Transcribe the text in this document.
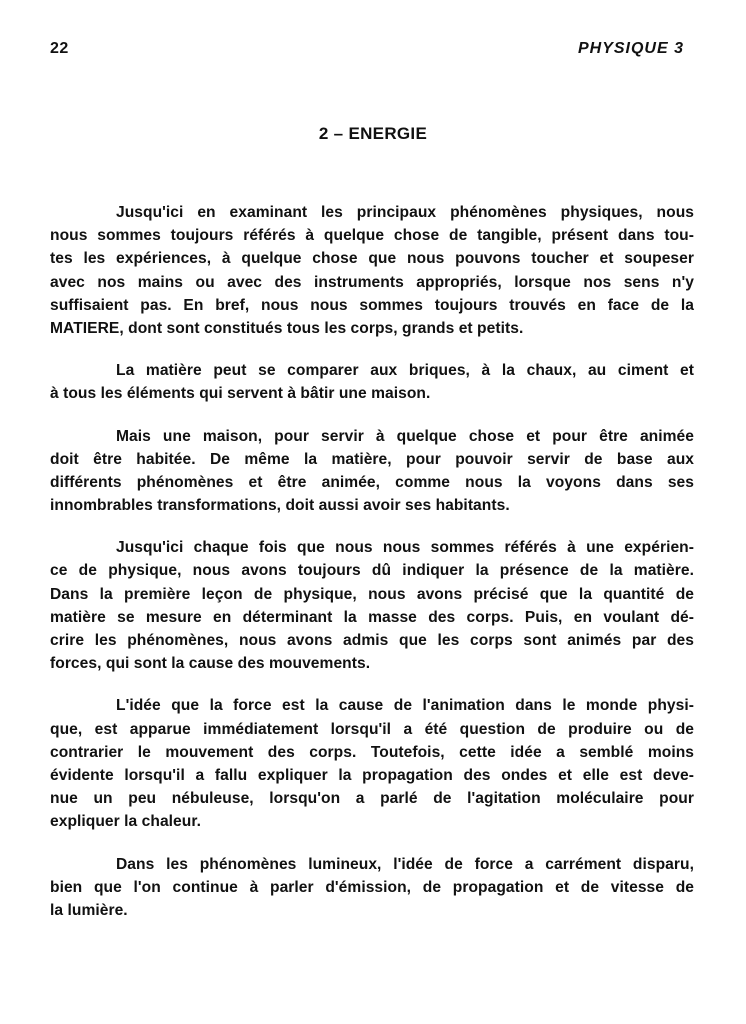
22	PHYSIQUE 3
2 – ENERGIE
Jusqu'ici en examinant les principaux phénomènes physiques, nous
nous sommes toujours référés à quelque chose de tangible, présent dans tou-
tes les expériences, à quelque chose que nous pouvons toucher et soupeser
avec nos mains ou avec des instruments appropriés, lorsque nos sens n'y
suffisaient pas. En bref, nous nous sommes toujours trouvés en face de la
MATIERE, dont sont constitués tous les corps, grands et petits.
La matière peut se comparer aux briques, à la chaux, au ciment et
à tous les éléments qui servent à bâtir une maison.
Mais une maison, pour servir à quelque chose et pour être animée
doit être habitée. De même la matière, pour pouvoir servir de base aux
différents phénomènes et être animée, comme nous la voyons dans ses
innombrables transformations, doit aussi avoir ses habitants.
Jusqu'ici chaque fois que nous nous sommes référés à une expérien-
ce de physique, nous avons toujours dû indiquer la présence de la matière.
Dans la première leçon de physique, nous avons précisé que la quantité de
matière se mesure en déterminant la masse des corps. Puis, en voulant dé-
crire les phénomènes, nous avons admis que les corps sont animés par des
forces, qui sont la cause des mouvements.
L'idée que la force est la cause de l'animation dans le monde physi-
que, est apparue immédiatement lorsqu'il a été question de produire ou de
contrarier le mouvement des corps. Toutefois, cette idée a semblé moins
évidente lorsqu'il a fallu expliquer la propagation des ondes et elle est deve-
nue un peu nébuleuse, lorsqu'on a parlé de l'agitation moléculaire pour
expliquer la chaleur.
Dans les phénomènes lumineux, l'idée de force a carrément disparu,
bien que l'on continue à parler d'émission, de propagation et de vitesse de
la lumière.
